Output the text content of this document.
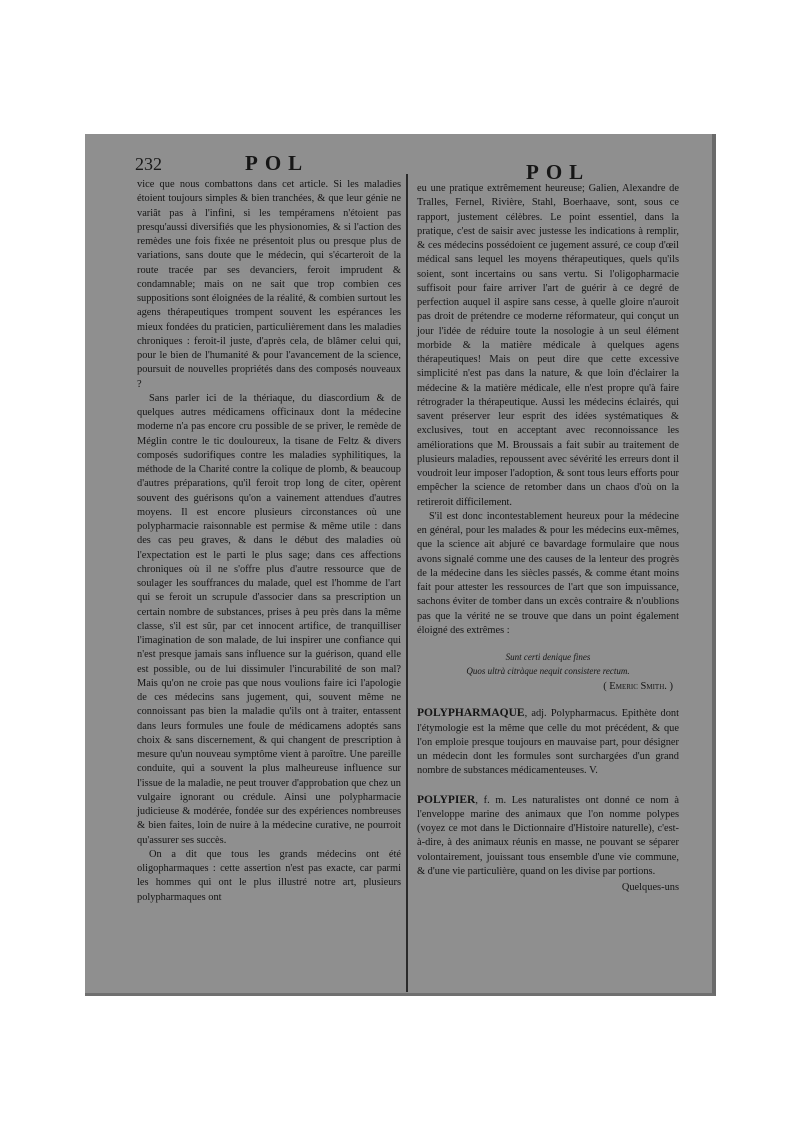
232	POL	POL

vice que nous combattons dans cet article. Si les maladies étoient toujours simples & bien tranchées, & que leur génie ne variât pas à l'infini, si les tempéramens n'étoient pas presqu'aussi diversifiés que les physionomies, & si l'action des remèdes une fois fixée ne présentoit plus ou presque plus de variations, sans doute que le médecin, qui s'écarteroit de la route tracée par ses devanciers, feroit imprudent & condamnable; mais on ne sait que trop combien ces suppositions sont éloignées de la réalité, & combien surtout les agens thérapeutiques trompent souvent les espérances les mieux fondées du praticien, particulièrement dans les maladies chroniques : feroit-il juste, d'après cela, de blâmer celui qui, pour le bien de l'humanité & pour l'avancement de la science, poursuit de nouvelles propriétés dans des composés nouveaux ?

Sans parler ici de la thériaque, du diascordium & de quelques autres médicamens officinaux dont la médecine moderne n'a pas encore cru possible de se priver, le remède de Méglin contre le tic douloureux, la tisane de Feltz & divers composés sudorifiques contre les maladies syphilitiques, la méthode de la Charité contre la colique de plomb, & beaucoup d'autres préparations, qu'il feroit trop long de citer, opèrent souvent des guérisons qu'on a vainement attendues d'autres moyens. Il est encore plusieurs circonstances où une polypharmacie raisonnable est permise & même utile : dans des cas peu graves, & dans le début des maladies où l'expectation est le parti le plus sage; dans ces affections chroniques où il ne s'offre plus d'autre ressource que de soulager les souffrances du malade, quel est l'homme de l'art qui se feroit un scrupule d'associer dans sa prescription un certain nombre de substances, prises à peu près dans la même classe, s'il est sûr, par cet innocent artifice, de tranquilliser l'imagination de son malade, de lui inspirer une confiance qui n'est presque jamais sans influence sur la guérison, quand elle est possible, ou de lui dissimuler l'incurabilité de son mal? Mais qu'on ne croie pas que nous voulions faire ici l'apologie de ces médecins sans jugement, qui, souvent même ne connoissant pas bien la maladie qu'ils ont à traiter, entassent dans leurs formules une foule de médicamens adoptés sans choix & sans discernement, & qui changent de prescription à mesure qu'un nouveau symptôme vient à paroître. Une pareille conduite, qui a souvent la plus malheureuse influence sur l'issue de la maladie, ne peut trouver d'approbation que chez un vulgaire ignorant ou crédule. Ainsi une polypharmacie judicieuse & modérée, fondée sur des expériences nombreuses & bien faites, loin de nuire à la médecine curative, ne pourroit qu'assurer ses succès.

On a dit que tous les grands médecins ont été oligopharmaques : cette assertion n'est pas exacte, car parmi les hommes qui ont le plus illustré notre art, plusieurs polypharmaques ont

eu une pratique extrêmement heureuse; Galien, Alexandre de Tralles, Fernel, Rivière, Stahl, Boerhaave, sont, sous ce rapport, justement célèbres. Le point essentiel, dans la pratique, c'est de saisir avec justesse les indications à remplir, & ces médecins possédoient ce jugement assuré, ce coup d'œil médical sans lequel les moyens thérapeutiques, quels qu'ils soient, sont incertains ou sans vertu. Si l'oligopharmacie suffisoit pour faire arriver l'art de guérir à ce degré de perfection auquel il aspire sans cesse, à quelle gloire n'auroit pas droit de prétendre ce moderne réformateur, qui conçut un jour l'idée de réduire toute la nosologie à un seul élément morbide & la matière médicale à quelques agens thérapeutiques! Mais on peut dire que cette excessive simplicité n'est pas dans la nature, & que loin d'éclairer la médecine & la matière médicale, elle n'est propre qu'à faire rétrograder la thérapeutique. Aussi les médecins éclairés, qui savent préserver leur esprit des idées systématiques & exclusives, tout en acceptant avec reconnoissance les améliorations que M. Broussais a fait subir au traitement de plusieurs maladies, repoussent avec sévérité les erreurs dont il voudroit leur imposer l'adoption, & sont tous leurs efforts pour empêcher la science de retomber dans un chaos d'où on la retireroit difficilement.

S'il est donc incontestablement heureux pour la médecine en général, pour les malades & pour les médecins eux-mêmes, que la science ait abjuré ce bavardage formulaire que nous avons signalé comme une des causes de la lenteur des progrès de la médecine dans les siècles passés, & comme étant moins fait pour attester les ressources de l'art que son impuissance, sachons éviter de tomber dans un excès contraire & n'oublions pas que la vérité ne se trouve que dans un point également éloigné des extrêmes :

Sunt certi denique fines
Quos ultrà citràque nequit consistere rectum.
( Emeric Smith. )

POLYPHARMAQUE, adj. Polypharmacus. Epithète dont l'étymologie est la même que celle du mot précédent, & que l'on emploie presque toujours en mauvaise part, pour désigner un médecin dont les formules sont surchargées d'un grand nombre de substances médicamenteuses. V.

POLYPIER, f. m. Les naturalistes ont donné ce nom à l'enveloppe marine des animaux que l'on nomme polypes (voyez ce mot dans le Dictionnaire d'Histoire naturelle), c'est-à-dire, à des animaux réunis en masse, ne pouvant se séparer volontairement, jouissant tous ensemble d'une vie commune, & d'une vie particulière, quand on les divise par portions.

Quelques-uns
